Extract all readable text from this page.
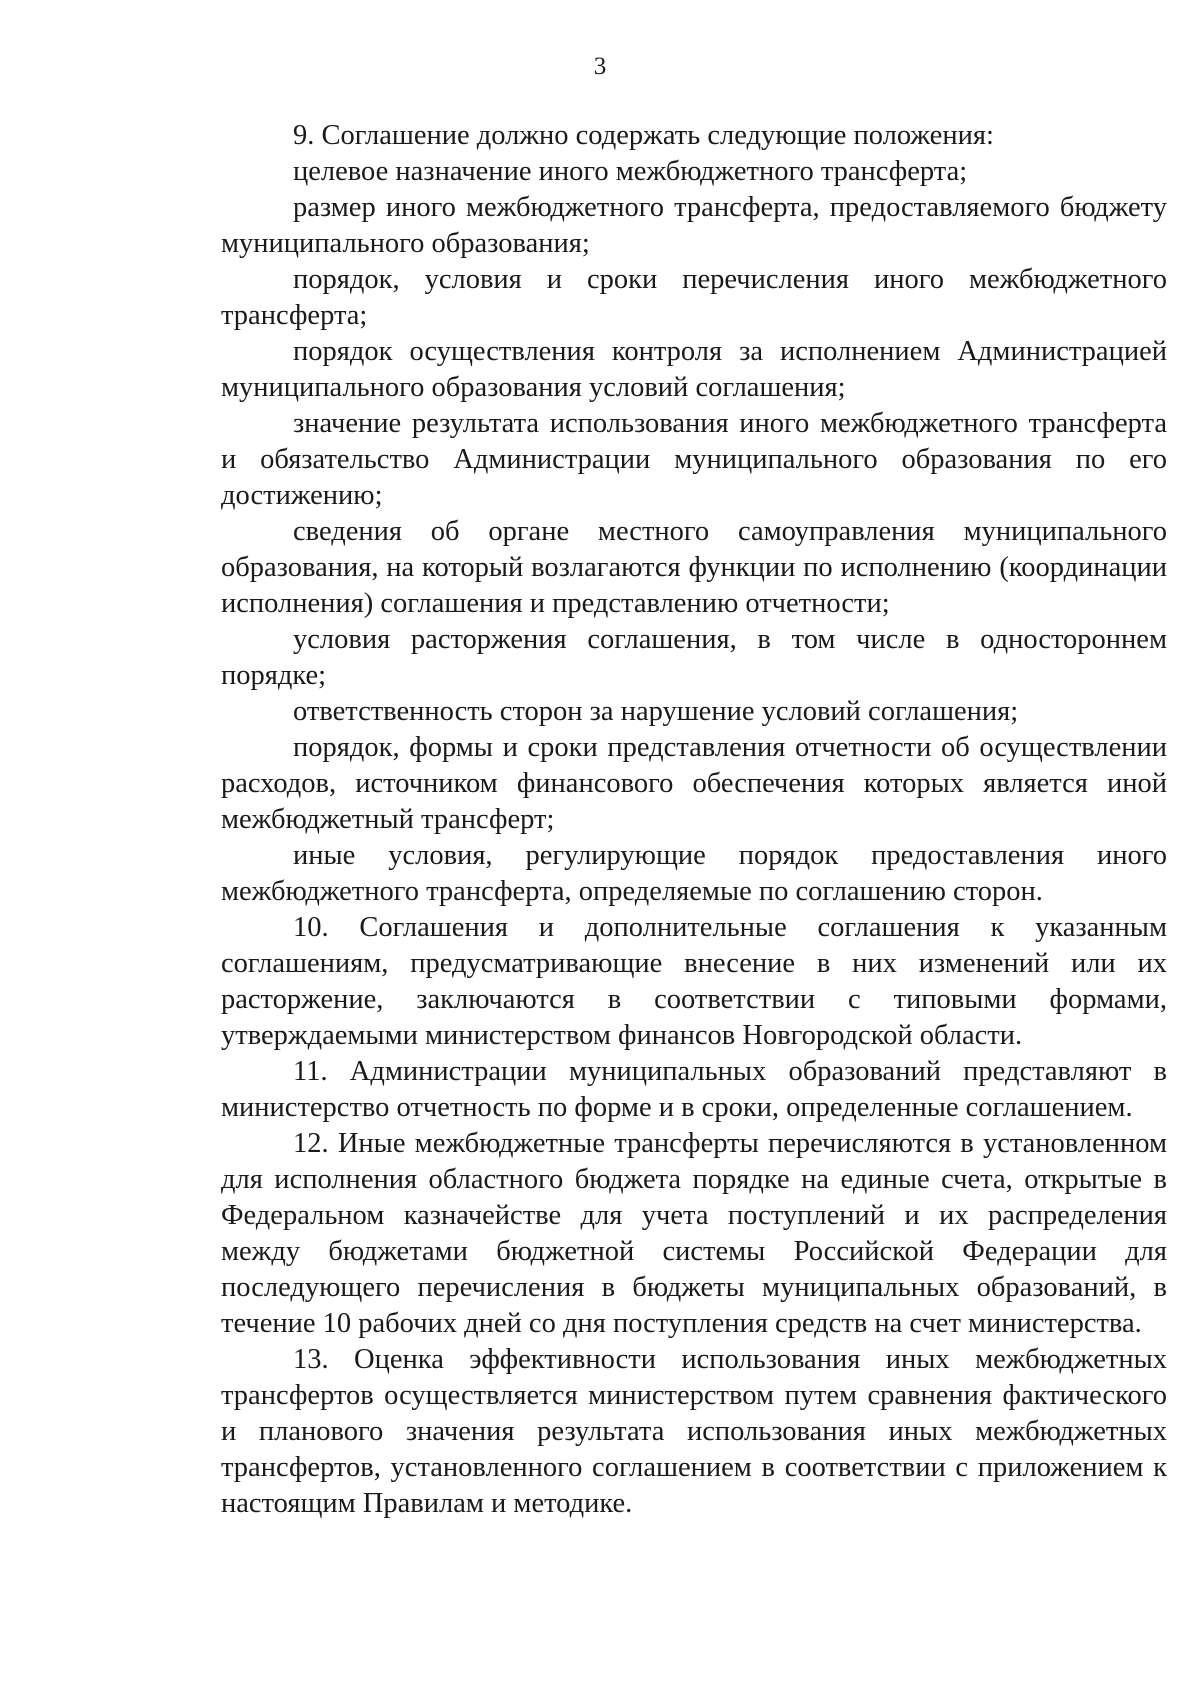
3

9. Соглашение должно содержать следующие положения:

целевое назначение иного межбюджетного трансферта;

размер иного межбюджетного трансферта, предоставляемого бюджету муниципального образования;

порядок, условия и сроки перечисления иного межбюджетного трансферта;

порядок осуществления контроля за исполнением Администрацией муниципального образования условий соглашения;

значение результата использования иного межбюджетного трансферта и обязательство Администрации муниципального образования по его достижению;

сведения об органе местного самоуправления муниципального образования, на который возлагаются функции по исполнению (координации исполнения) соглашения и представлению отчетности;

условия расторжения соглашения, в том числе в одностороннем порядке;

ответственность сторон за нарушение условий соглашения;

порядок, формы и сроки представления отчетности об осуществлении расходов, источником финансового обеспечения которых является иной межбюджетный трансферт;

иные условия, регулирующие порядок предоставления иного межбюджетного трансферта, определяемые по соглашению сторон.

10. Соглашения и дополнительные соглашения к указанным соглашениям, предусматривающие внесение в них изменений или их расторжение, заключаются в соответствии с типовыми формами, утверждаемыми министерством финансов Новгородской области.

11. Администрации муниципальных образований представляют в министерство отчетность по форме и в сроки, определенные соглашением.

12. Иные межбюджетные трансферты перечисляются в установленном для исполнения областного бюджета порядке на единые счета, открытые в Федеральном казначействе для учета поступлений и их распределения между бюджетами бюджетной системы Российской Федерации для последующего перечисления в бюджеты муниципальных образований, в течение 10 рабочих дней со дня поступления средств на счет министерства.

13. Оценка эффективности использования иных межбюджетных трансфертов осуществляется министерством путем сравнения фактического и планового значения результата использования иных межбюджетных трансфертов, установленного соглашением в соответствии с приложением к настоящим Правилам и методике.
